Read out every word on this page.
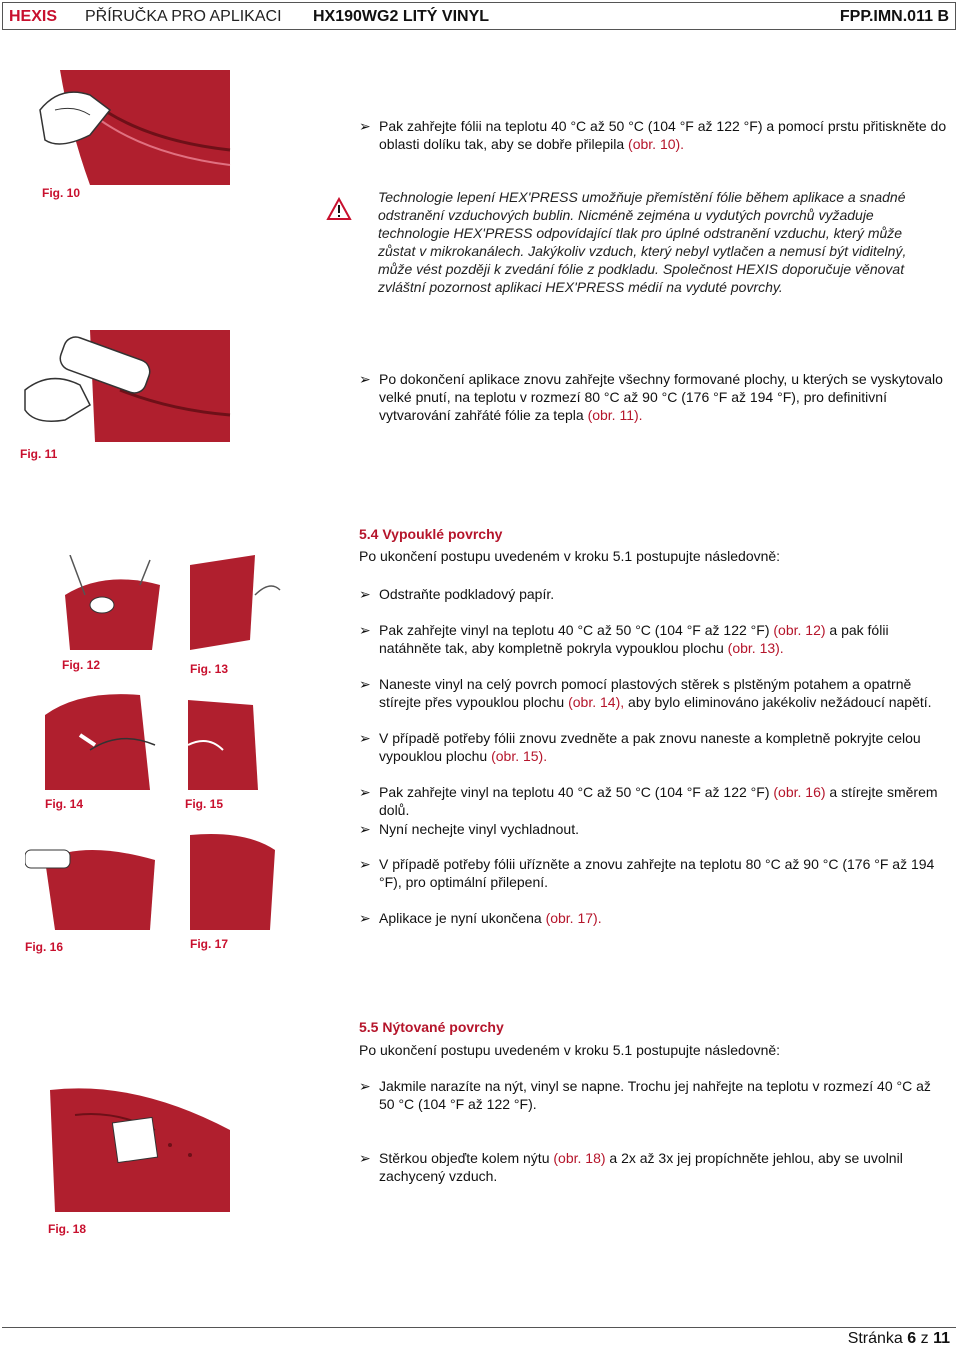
HEXIS PŘÍRUČKA PRO APLIKACI HX190WG2 LITÝ VINYL	FPP.IMN.011 B
Fig. 10
➢ Pak zahřejte fólii na teplotu 40 °C až 50 °C (104 °F až 122 °F) a pomocí prstu přitiskněte do oblasti dolíku tak, aby se dobře přilepila (obr. 10).
Technologie lepení HEX'PRESS umožňuje přemístění fólie během aplikace a snadné odstranění vzduchových bublin. Nicméně zejména u vydutých povrchů vyžaduje technologie HEX'PRESS odpovídající tlak pro úplné odstranění vzduchu, který může zůstat v mikrokanálech. Jakýkoliv vzduch, který nebyl vytlačen a nemusí být viditelný, může vést později k zvedání fólie z podkladu. Společnost HEXIS doporučuje věnovat zvláštní pozornost aplikaci HEX'PRESS médií na vyduté povrchy.
Fig. 11
➢ Po dokončení aplikace znovu zahřejte všechny formované plochy, u kterých se vyskytovalo velké pnutí, na teplotu v rozmezí 80 °C až 90 °C (176 °F až 194 °F), pro definitivní vytvarování zahřáté fólie za tepla (obr. 11).
5.4 Vypouklé povrchy
Po ukončení postupu uvedeném v kroku 5.1 postupujte následovně:
➢ Odstraňte podkladový papír.
➢ Pak zahřejte vinyl na teplotu 40 °C až 50 °C (104 °F až 122 °F) (obr. 12) a pak fólii natáhněte tak, aby kompletně pokryla vypouklou plochu (obr. 13).
➢ Naneste vinyl na celý povrch pomocí plastových stěrek s plstěným potahem a opatrně stírejte přes vypouklou plochu (obr. 14), aby bylo eliminováno jakékoliv nežádoucí napětí.
➢ V případě potřeby fólii znovu zvedněte a pak znovu naneste a kompletně pokryjte celou vypouklou plochu (obr. 15).
➢ Pak zahřejte vinyl na teplotu 40 °C až 50 °C (104 °F až 122 °F) (obr. 16) a stírejte směrem dolů.
➢ Nyní nechejte vinyl vychladnout.
➢ V případě potřeby fólii uřízněte a znovu zahřejte na teplotu 80 °C až 90 °C (176 °F až 194 °F), pro optimální přilepení.
➢ Aplikace je nyní ukončena (obr. 17).
Fig. 12	Fig. 13
Fig. 14	Fig. 15
Fig. 16	Fig. 17
5.5 Nýtované povrchy
Po ukončení postupu uvedeném v kroku 5.1 postupujte následovně:
➢ Jakmile narazíte na nýt, vinyl se napne. Trochu jej nahřejte na teplotu v rozmezí 40 °C až 50 °C (104 °F až 122 °F).
➢ Stěrkou objeďte kolem nýtu (obr. 18) a 2x až 3x jej propíchněte jehlou, aby se uvolnil zachycený vzduch.
Fig. 18
Stránka 6 z 11
